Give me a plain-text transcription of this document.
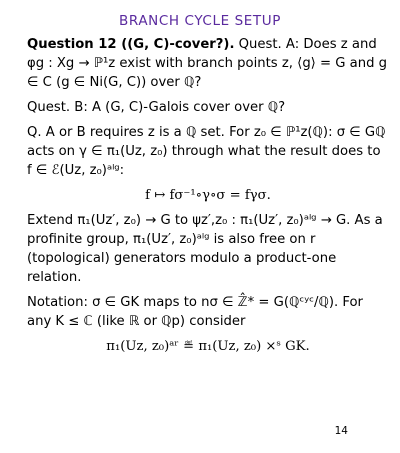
BRANCH CYCLE SETUP

Question 12 ((G, C)-cover?). Quest. A: Does z and φg : Xg → ℙ¹z exist with branch points z, ⟨g⟩ = G and g ∈ C (g ∈ Ni(G, C)) over ℚ?

Quest. B: A (G, C)-Galois cover over ℚ?

Q. A or B requires z is a ℚ set. For z₀ ∈ ℙ¹z(ℚ): σ ∈ Gℚ acts on γ ∈ π₁(Uz, z₀) through what the result does to f ∈ ℰ(Uz, z₀)ᵃˡᵍ:

f ↦ fσ⁻¹∘γ∘σ = fγσ.

Extend π₁(Uz′, z₀) → G to ψz′,z₀ : π₁(Uz′, z₀)ᵃˡᵍ → G. As a profinite group, π₁(Uz′, z₀)ᵃˡᵍ is also free on r (topological) generators modulo a product-one relation.

Notation: σ ∈ GK maps to nσ ∈ ℤ̂* = G(ℚᶜʸᶜ/ℚ). For any K ≤ ℂ (like ℝ or ℚp) consider

π₁(Uz, z₀)ᵃʳ ≝ π₁(Uz, z₀) ×ˢ GK.

14
